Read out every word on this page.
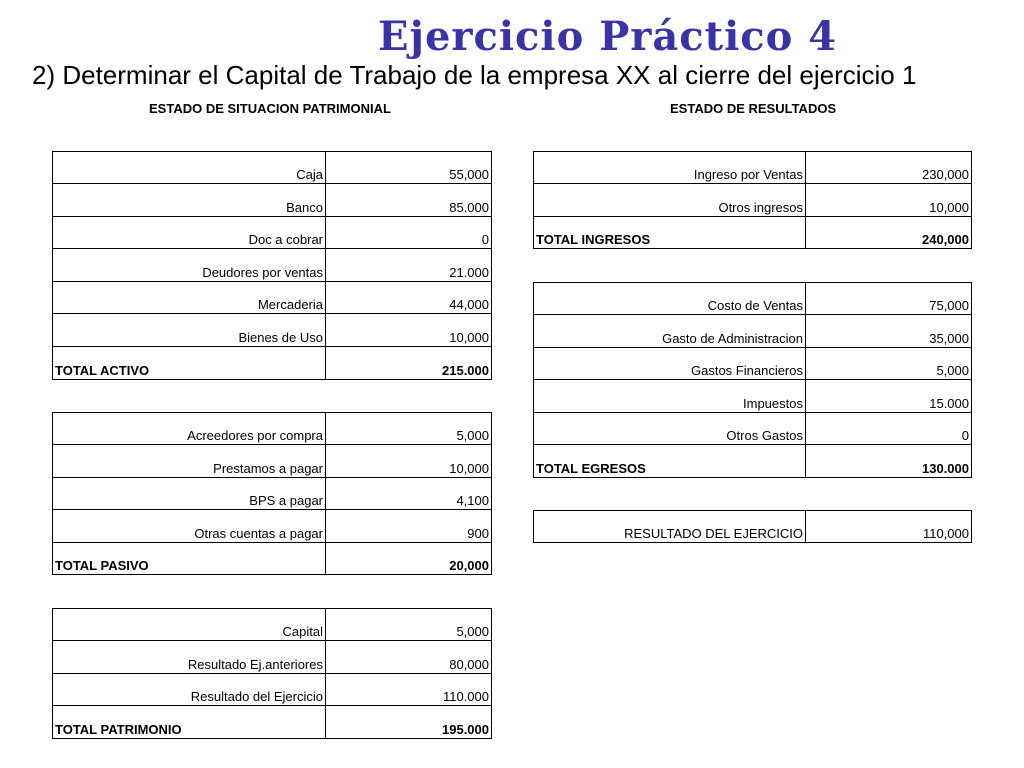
Ejercicio Práctico 4
2) Determinar el Capital de Trabajo de la empresa XX al cierre del ejercicio 1
ESTADO DE SITUACION PATRIMONIAL	ESTADO DE RESULTADOS
Caja	55,000
Banco	85.000
Doc a cobrar	0
Deudores por ventas	21.000
Mercaderia	44,000
Bienes de Uso	10,000
TOTAL ACTIVO	215.000
Acreedores por compra	5,000
Prestamos a pagar	10,000
BPS a pagar	4,100
Otras cuentas a pagar	900
TOTAL PASIVO	20,000
Capital	5,000
Resultado Ej.anteriores	80,000
Resultado del Ejercicio	110.000
TOTAL PATRIMONIO	195.000
Ingreso por Ventas	230,000
Otros ingresos	10,000
TOTAL INGRESOS	240,000
Costo de Ventas	75,000
Gasto de Administracion	35,000
Gastos Financieros	5,000
Impuestos	15.000
Otros Gastos	0
TOTAL EGRESOS	130.000
RESULTADO DEL EJERCICIO	110,000
